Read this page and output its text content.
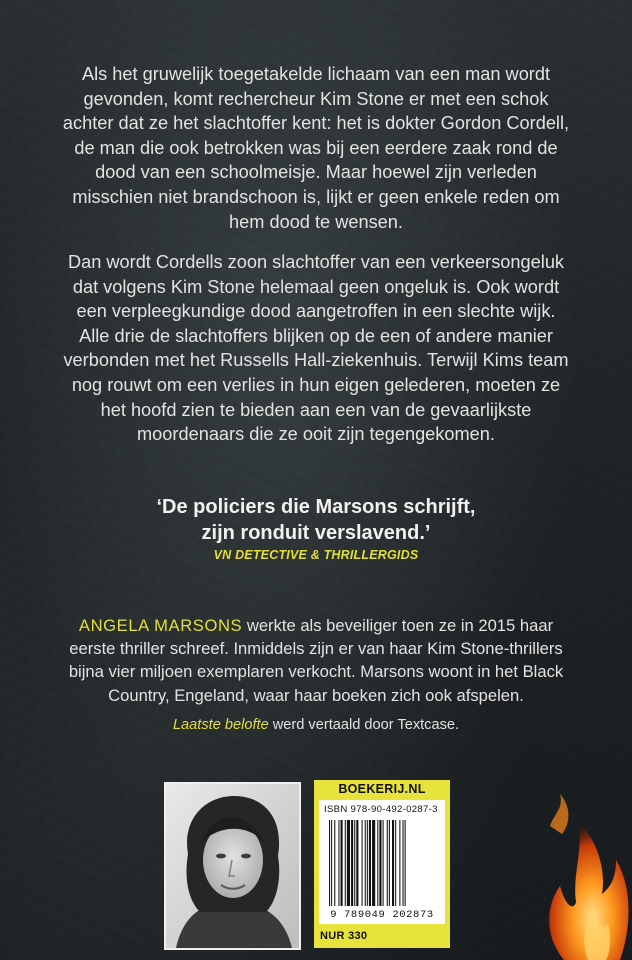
Als het gruwelijk toegetakelde lichaam van een man wordt gevonden, komt rechercheur Kim Stone er met een schok achter dat ze het slachtoffer kent: het is dokter Gordon Cordell, de man die ook betrokken was bij een eerdere zaak rond de dood van een schoolmeisje. Maar hoewel zijn verleden misschien niet brandschoon is, lijkt er geen enkele reden om hem dood te wensen.

Dan wordt Cordells zoon slachtoffer van een verkeersongeluk dat volgens Kim Stone helemaal geen ongeluk is. Ook wordt een verpleegkundige dood aangetroffen in een slechte wijk. Alle drie de slachtoffers blijken op de een of andere manier verbonden met het Russells Hall-ziekenhuis. Terwijl Kims team nog rouwt om een verlies in hun eigen gelederen, moeten ze het hoofd zien te bieden aan een van de gevaarlijkste moordenaars die ze ooit zijn tegengekomen.

‘De policiers die Marsons schrijft,
zijn ronduit verslavend.’

VN DETECTIVE & THRILLERGIDS

ANGELA MARSONS werkte als beveiliger toen ze in 2015 haar eerste thriller schreef. Inmiddels zijn er van haar Kim Stone-thrillers bijna vier miljoen exemplaren verkocht. Marsons woont in het Black Country, Engeland, waar haar boeken zich ook afspelen.

Laatste belofte werd vertaald door Textcase.

BOEKERIJ.NL
ISBN 978-90-492-0287-3
9 789049 202873
NUR 330
